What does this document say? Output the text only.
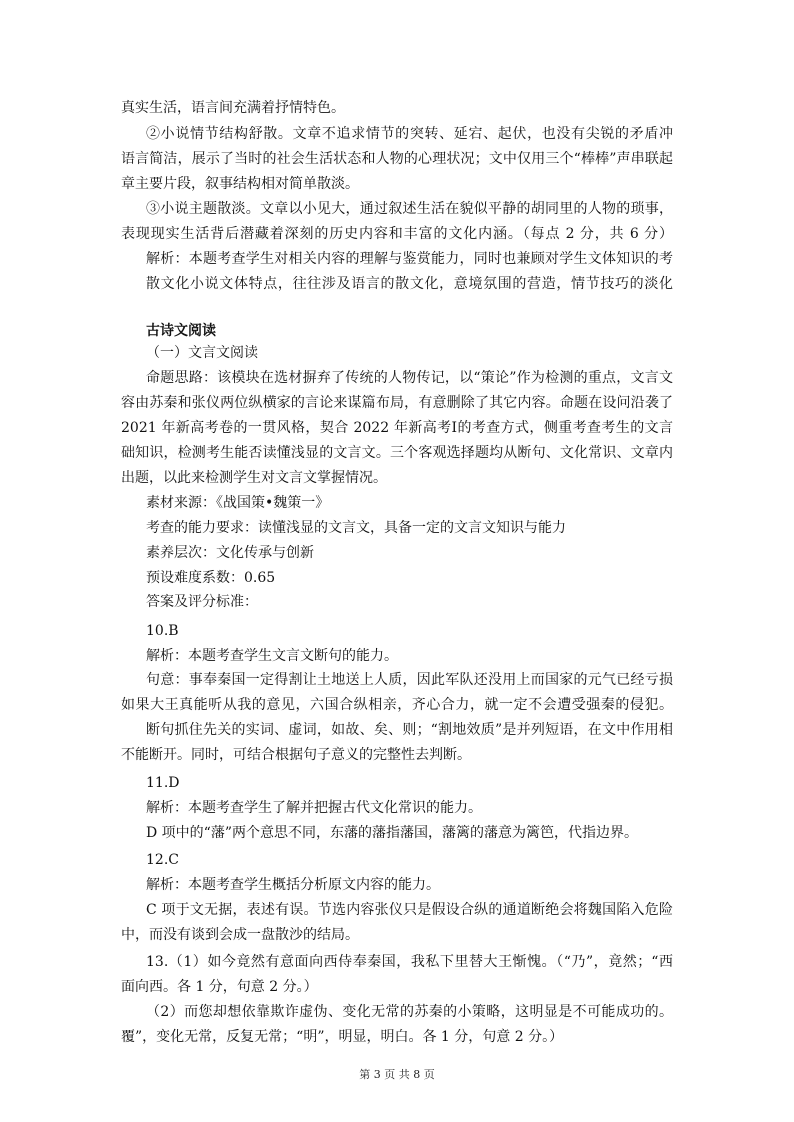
真实生活，语言间充满着抒情特色。
②小说情节结构舒散。文章不追求情节的突转、延宕、起伏，也没有尖锐的矛盾冲
语言简洁，展示了当时的社会生活状态和人物的心理状况；文中仅用三个“棒棒”声串联起
章主要片段，叙事结构相对简单散淡。
③小说主题散淡。文章以小见大，通过叙述生活在貌似平静的胡同里的人物的琐事，
表现现实生活背后潜藏着深刻的历史内容和丰富的文化内涵。（每点 2 分，共 6 分）
解析：本题考查学生对相关内容的理解与鉴赏能力，同时也兼顾对学生文体知识的考
散文化小说文体特点，往往涉及语言的散文化，意境氛围的营造，情节技巧的淡化
古诗文阅读
（一）文言文阅读
命题思路：该模块在选材摒弃了传统的人物传记，以“策论”作为检测的重点，文言文
容由苏秦和张仪两位纵横家的言论来谋篇布局，有意删除了其它内容。命题在设问沿袭了
2021 年新高考卷的一贯风格，契合 2022 年新高考Ⅰ的考查方式，侧重考查考生的文言
础知识，检测考生能否读懂浅显的文言文。三个客观选择题均从断句、文化常识、文章内
出题，以此来检测学生对文言文掌握情况。
素材来源：《战国策•魏策一》
考查的能力要求：读懂浅显的文言文，具备一定的文言文知识与能力
素养层次：文化传承与创新
预设难度系数：0.65
答案及评分标准：
10.B
解析：本题考查学生文言文断句的能力。
句意：事奉秦国一定得割让土地送上人质，因此军队还没用上而国家的元气已经亏损
如果大王真能听从我的意见，六国合纵相亲，齐心合力，就一定不会遭受强秦的侵犯。
断句抓住先关的实词、虚词，如故、矣、则；“割地效质”是并列短语，在文中作用相
不能断开。同时，可结合根据句子意义的完整性去判断。
11.D
解析：本题考查学生了解并把握古代文化常识的能力。
D 项中的“藩”两个意思不同，东藩的藩指藩国，藩篱的藩意为篱笆，代指边界。
12.C
解析：本题考查学生概括分析原文内容的能力。
C 项于文无据，表述有误。节选内容张仪只是假设合纵的通道断绝会将魏国陷入危险
中，而没有谈到会成一盘散沙的结局。
13.（1）如今竟然有意面向西侍奉秦国，我私下里替大王惭愧。（“乃”，竟然；“西
面向西。各 1 分，句意 2 分。）
（2）而您却想依靠欺诈虚伪、变化无常的苏秦的小策略，这明显是不可能成功的。
覆”，变化无常，反复无常；“明”，明显，明白。各 1 分，句意 2 分。）
第 3 页 共 8 页
